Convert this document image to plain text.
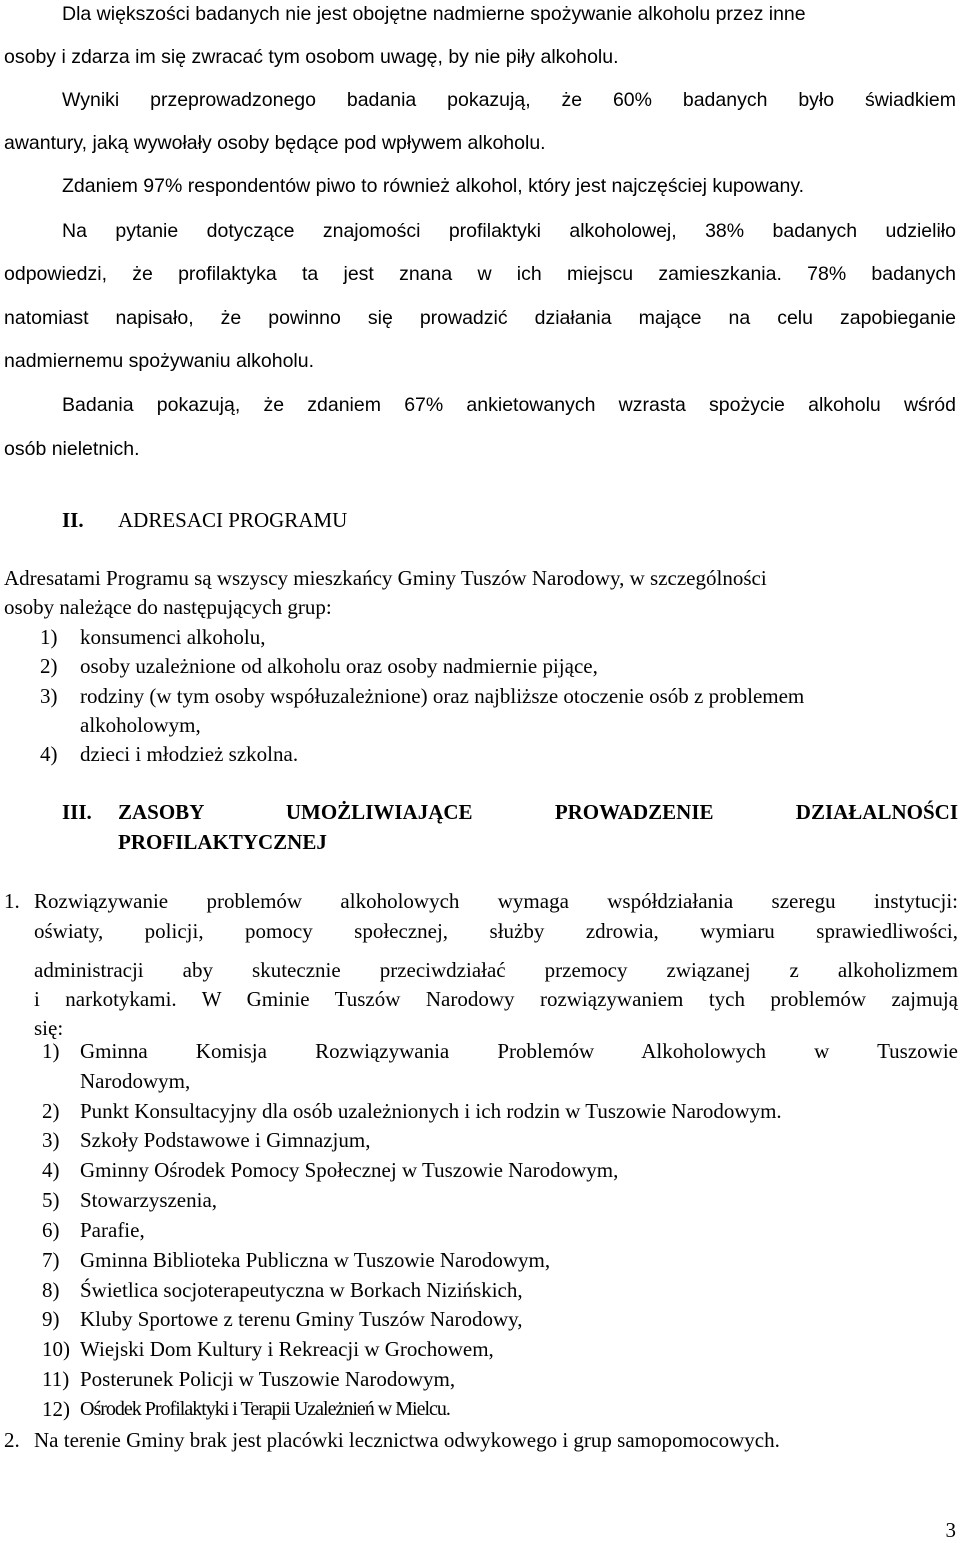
Dla większości badanych nie jest obojętne nadmierne spożywanie alkoholu przez inne
osoby i zdarza im się zwracać tym osobom uwagę, by nie piły alkoholu.
Wyniki przeprowadzonego badania pokazują, że 60% badanych było świadkiem
awantury, jaką wywołały osoby będące pod wpływem alkoholu.
Zdaniem 97% respondentów piwo to również alkohol, który jest najczęściej kupowany.
Na pytanie dotyczące znajomości profilaktyki alkoholowej, 38% badanych udzieliło
odpowiedzi, że profilaktyka ta jest znana w ich miejscu zamieszkania. 78% badanych
natomiast napisało, że powinno się prowadzić działania mające na celu zapobieganie
nadmiernemu spożywaniu alkoholu.
Badania pokazują, że zdaniem 67% ankietowanych wzrasta spożycie alkoholu wśród
osób nieletnich.
II. ADRESACI PROGRAMU
Adresatami Programu są wszyscy mieszkańcy Gminy Tuszów Narodowy, w szczególności
osoby należące do następujących grup:
1) konsumenci alkoholu,
2) osoby uzależnione od alkoholu oraz osoby nadmiernie pijące,
3) rodziny (w tym osoby współuzależnione) oraz najbliższe otoczenie osób z problemem
alkoholowym,
4) dzieci i młodzież szkolna.
III. ZASOBY UMOŻLIWIAJĄCE PROWADZENIE DZIAŁALNOŚCI
PROFILAKTYCZNEJ
1. Rozwiązywanie problemów alkoholowych wymaga współdziałania szeregu instytucji:
oświaty, policji, pomocy społecznej, służby zdrowia, wymiaru sprawiedliwości,
administracji aby skutecznie przeciwdziałać przemocy związanej z alkoholizmem
i narkotykami. W Gminie Tuszów Narodowy rozwiązywaniem tych problemów zajmują
się:
1) Gminna Komisja Rozwiązywania Problemów Alkoholowych w Tuszowie
Narodowym,
2) Punkt Konsultacyjny dla osób uzależnionych i ich rodzin w Tuszowie Narodowym.
3) Szkoły Podstawowe i Gimnazjum,
4) Gminny Ośrodek Pomocy Społecznej w Tuszowie Narodowym,
5) Stowarzyszenia,
6) Parafie,
7) Gminna Biblioteka Publiczna w Tuszowie Narodowym,
8) Świetlica socjoterapeutyczna w Borkach Nizińskich,
9) Kluby Sportowe z terenu Gminy Tuszów Narodowy,
10) Wiejski Dom Kultury i Rekreacji w Grochowem,
11) Posterunek Policji w Tuszowie Narodowym,
12) Ośrodek Profilaktyki i Terapii Uzależnień w Mielcu.
2. Na terenie Gminy brak jest placówki lecznictwa odwykowego i grup samopomocowych.
3
